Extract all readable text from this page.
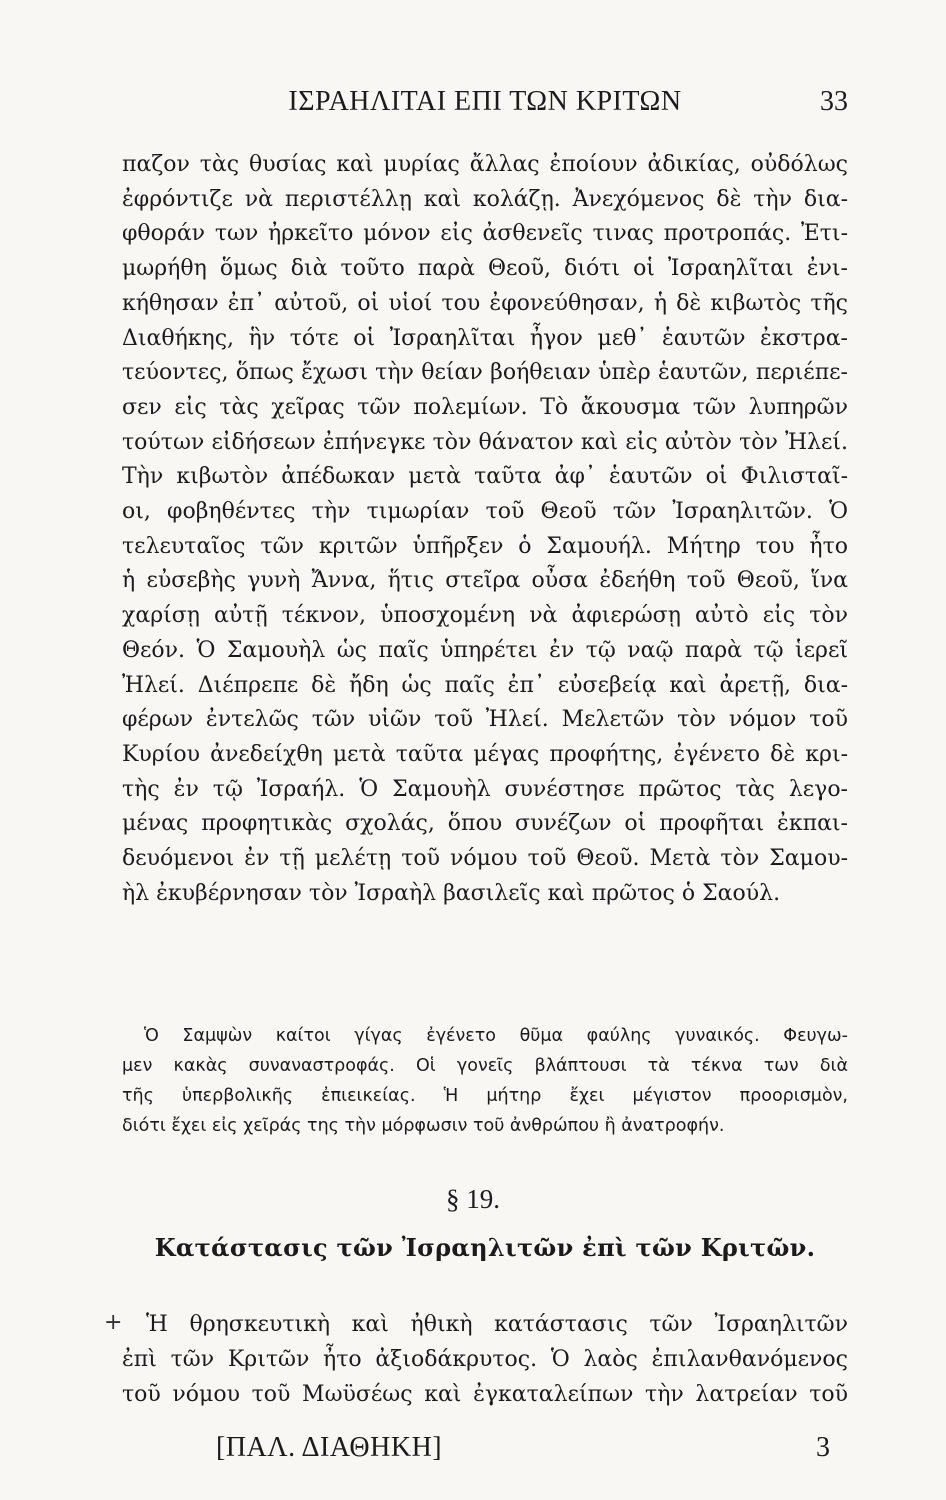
ΙΣΡΑΗΛΙΤΑΙ ΕΠΙ ΤΩΝ ΚΡΙΤΩΝ	33
παζον τὰς θυσίας καὶ μυρίας ἄλλας ἐποίουν ἀδικίας, οὐδόλως
ἐφρόντιζε νὰ περιστέλλῃ καὶ κολάζῃ. Ἀνεχόμενος δὲ τὴν δια-
φθοράν των ἠρκεῖτο μόνον εἰς ἀσθενεῖς τινας προτροπάς. Ἐτι-
μωρήθη ὅμως διὰ τοῦτο παρὰ Θεοῦ, διότι οἱ Ἰσραηλῖται ἐνι-
κήθησαν ἐπ᾿ αὐτοῦ, οἱ υἱοί του ἐφονεύθησαν, ἡ δὲ κιβωτὸς τῆς
Διαθήκης, ἣν τότε οἱ Ἰσραηλῖται ἦγον μεθ᾿ ἑαυτῶν ἐκστρα-
τεύοντες, ὅπως ἔχωσι τὴν θείαν βοήθειαν ὑπὲρ ἑαυτῶν, περιέπε-
σεν εἰς τὰς χεῖρας τῶν πολεμίων. Τὸ ἄκουσμα τῶν λυπηρῶν
τούτων εἰδήσεων ἐπήνεγκε τὸν θάνατον καὶ εἰς αὐτὸν τὸν Ἠλεί.
Τὴν κιβωτὸν ἀπέδωκαν μετὰ ταῦτα ἀφ᾿ ἑαυτῶν οἱ Φιλισταῖ-
οι, φοβηθέντες τὴν τιμωρίαν τοῦ Θεοῦ τῶν Ἰσραηλιτῶν. Ὁ
τελευταῖος τῶν κριτῶν ὑπῆρξεν ὁ Σαμουήλ. Μήτηρ του ἦτο
ἡ εὐσεβὴς γυνὴ Ἄννα, ἥτις στεῖρα οὖσα ἐδεήθη τοῦ Θεοῦ, ἵνα
χαρίσῃ αὐτῇ τέκνον, ὑποσχομένη νὰ ἀφιερώσῃ αὐτὸ εἰς τὸν
Θεόν. Ὁ Σαμουὴλ ὡς παῖς ὑπηρέτει ἐν τῷ ναῷ παρὰ τῷ ἱερεῖ
Ἠλεί. Διέπρεπε δὲ ἤδη ὡς παῖς ἐπ᾿ εὐσεβείᾳ καὶ ἀρετῇ, δια-
φέρων ἐντελῶς τῶν υἱῶν τοῦ Ἠλεί. Μελετῶν τὸν νόμον τοῦ
Κυρίου ἀνεδείχθη μετὰ ταῦτα μέγας προφήτης, ἐγένετο δὲ κρι-
τὴς ἐν τῷ Ἰσραήλ. Ὁ Σαμουὴλ συνέστησε πρῶτος τὰς λεγο-
μένας προφητικὰς σχολάς, ὅπου συνέζων οἱ προφῆται ἐκπαι-
δευόμενοι ἐν τῇ μελέτῃ τοῦ νόμου τοῦ Θεοῦ. Μετὰ τὸν Σαμου-
ὴλ ἐκυβέρνησαν τὸν Ἰσραὴλ βασιλεῖς καὶ πρῶτος ὁ Σαούλ.
Ὁ Σαμψὼν καίτοι γίγας ἐγένετο θῦμα φαύλης γυναικός. Φευγω-
μεν κακὰς συναναστροφάς. Οἱ γονεῖς βλάπτουσι τὰ τέκνα των διὰ
τῆς ὑπερβολικῆς ἐπιεικείας. Ἡ μήτηρ ἔχει μέγιστον προορισμὸν,
διότι ἔχει εἰς χεῖράς της τὴν μόρφωσιν τοῦ ἀνθρώπου ἢ ἀνατροφήν.
§ 19.
Κατάστασις τῶν Ἰσραηλιτῶν ἐπὶ τῶν Κριτῶν.
+	Ἡ θρησκευτικὴ καὶ ἠθικὴ κατάστασις τῶν Ἰσραηλιτῶν
ἐπὶ τῶν Κριτῶν ἦτο ἀξιοδάκρυτος. Ὁ λαὸς ἐπιλανθανόμενος
τοῦ νόμου τοῦ Μωϋσέως καὶ ἐγκαταλείπων τὴν λατρείαν τοῦ
[ΠΑΛ. ΔΙΑΘΗΚΗ]	3
